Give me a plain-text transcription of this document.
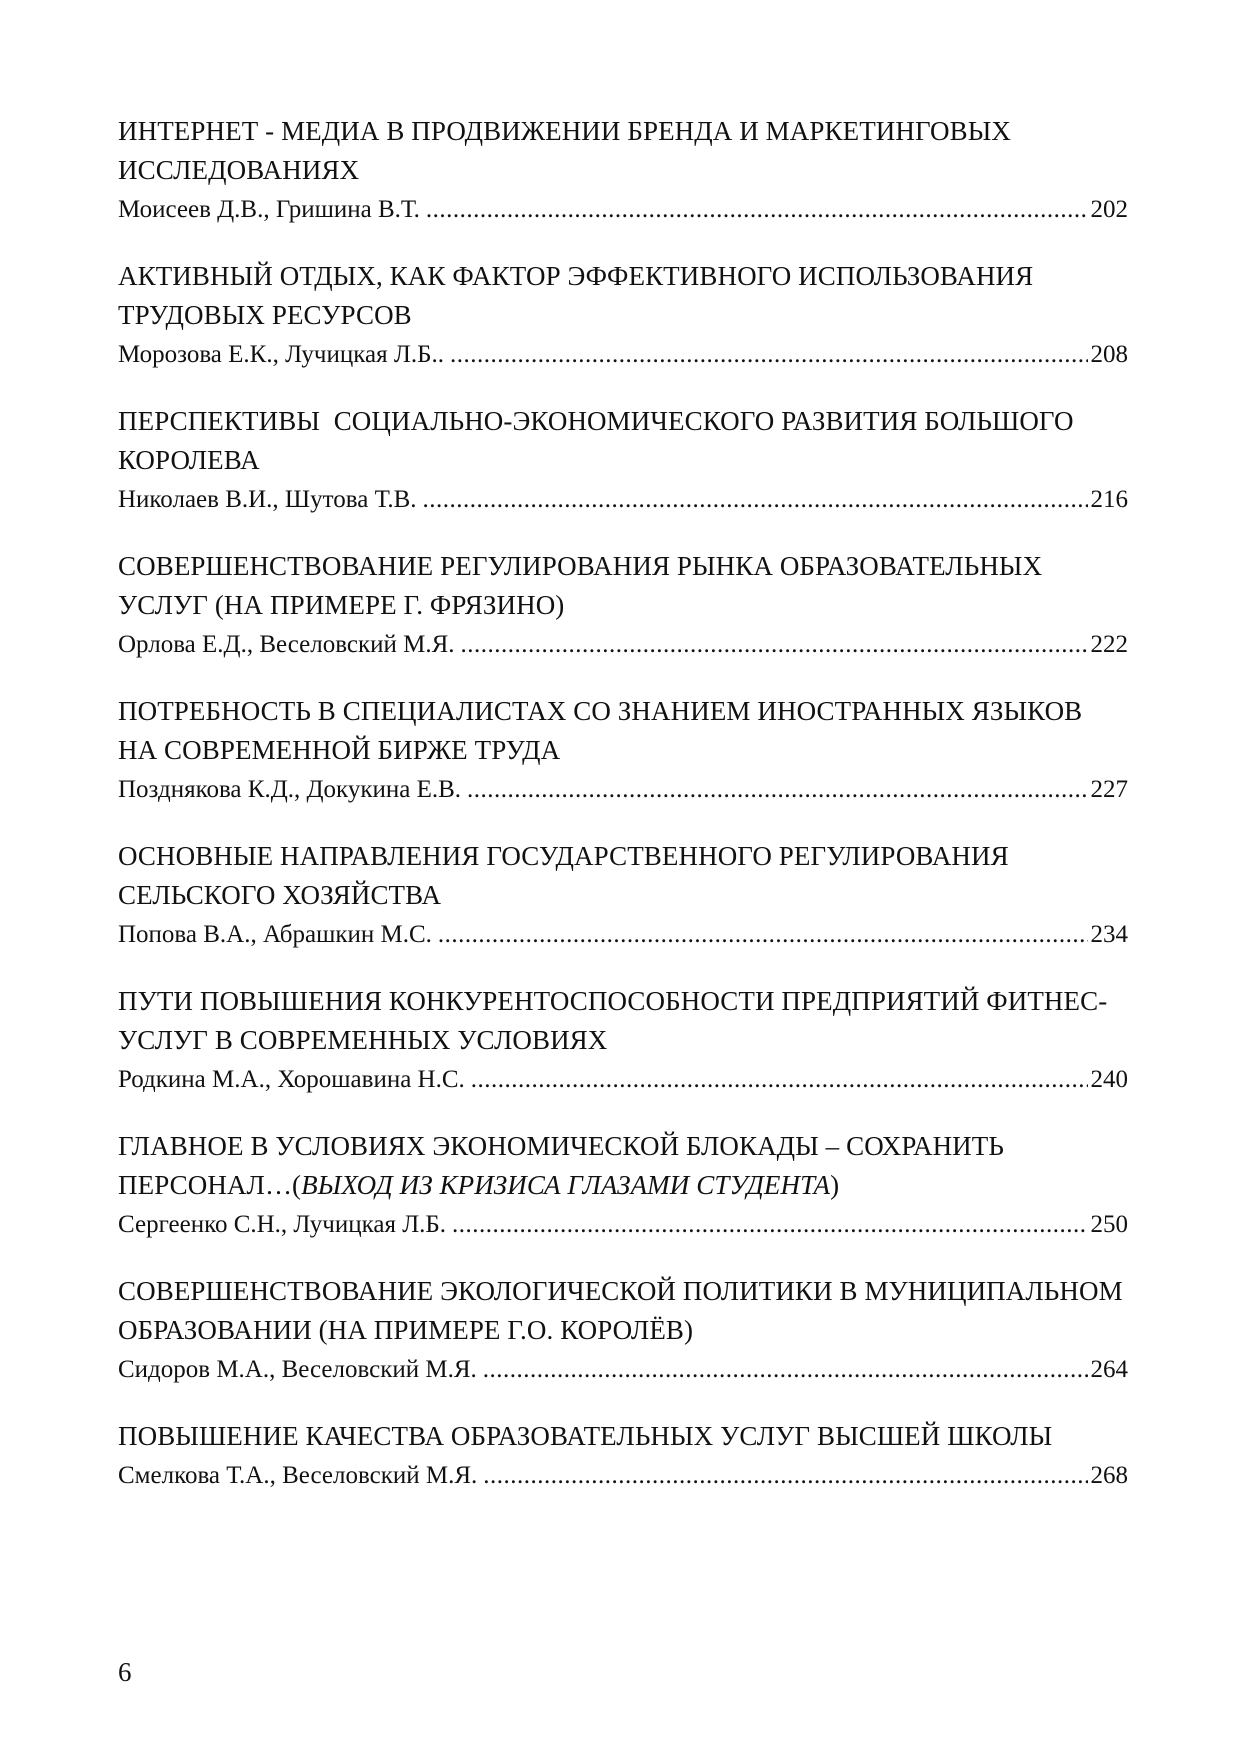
ИНТЕРНЕТ - МЕДИА В ПРОДВИЖЕНИИ БРЕНДА И МАРКЕТИНГОВЫХ ИССЛЕДОВАНИЯХ
Моисеев Д.В., Гришина В.Т. .....	202
АКТИВНЫЙ ОТДЫХ, КАК ФАКТОР ЭФФЕКТИВНОГО ИСПОЛЬЗОВАНИЯ ТРУДОВЫХ РЕСУРСОВ
Морозова Е.К., Лучицкая Л.Б.. .....	208
ПЕРСПЕКТИВЫ  СОЦИАЛЬНО-ЭКОНОМИЧЕСКОГО РАЗВИТИЯ БОЛЬШОГО КОРОЛЕВА
Николаев В.И., Шутова Т.В. .....	216
СОВЕРШЕНСТВОВАНИЕ РЕГУЛИРОВАНИЯ РЫНКА ОБРАЗОВАТЕЛЬНЫХ УСЛУГ (НА ПРИМЕРЕ Г. ФРЯЗИНО)
Орлова Е.Д., Веселовский М.Я. .....	222
ПОТРЕБНОСТЬ В СПЕЦИАЛИСТАХ СО ЗНАНИЕМ ИНОСТРАННЫХ ЯЗЫКОВ НА СОВРЕМЕННОЙ БИРЖЕ ТРУДА
Позднякова К.Д., Докукина Е.В. .....	227
ОСНОВНЫЕ НАПРАВЛЕНИЯ ГОСУДАРСТВЕННОГО РЕГУЛИРОВАНИЯ СЕЛЬСКОГО ХОЗЯЙСТВА
Попова В.А., Абрашкин М.С. .....	234
ПУТИ ПОВЫШЕНИЯ КОНКУРЕНТОСПОСОБНОСТИ ПРЕДПРИЯТИЙ ФИТНЕС-УСЛУГ В СОВРЕМЕННЫХ УСЛОВИЯХ
Родкина М.А., Хорошавина Н.С. .....	240
ГЛАВНОЕ В УСЛОВИЯХ ЭКОНОМИЧЕСКОЙ БЛОКАДЫ – СОХРАНИТЬ ПЕРСОНАЛ…(ВЫХОД ИЗ КРИЗИСА ГЛАЗАМИ СТУДЕНТА)
Сергеенко С.Н., Лучицкая Л.Б. .....	250
СОВЕРШЕНСТВОВАНИЕ ЭКОЛОГИЧЕСКОЙ ПОЛИТИКИ В МУНИЦИПАЛЬНОМ ОБРАЗОВАНИИ (НА ПРИМЕРЕ Г.О. КОРОЛЁВ)
Сидоров М.А., Веселовский М.Я. .....	264
ПОВЫШЕНИЕ КАЧЕСТВА ОБРАЗОВАТЕЛЬНЫХ УСЛУГ ВЫСШЕЙ ШКОЛЫ
Смелкова Т.А., Веселовский М.Я. .....	268
6
